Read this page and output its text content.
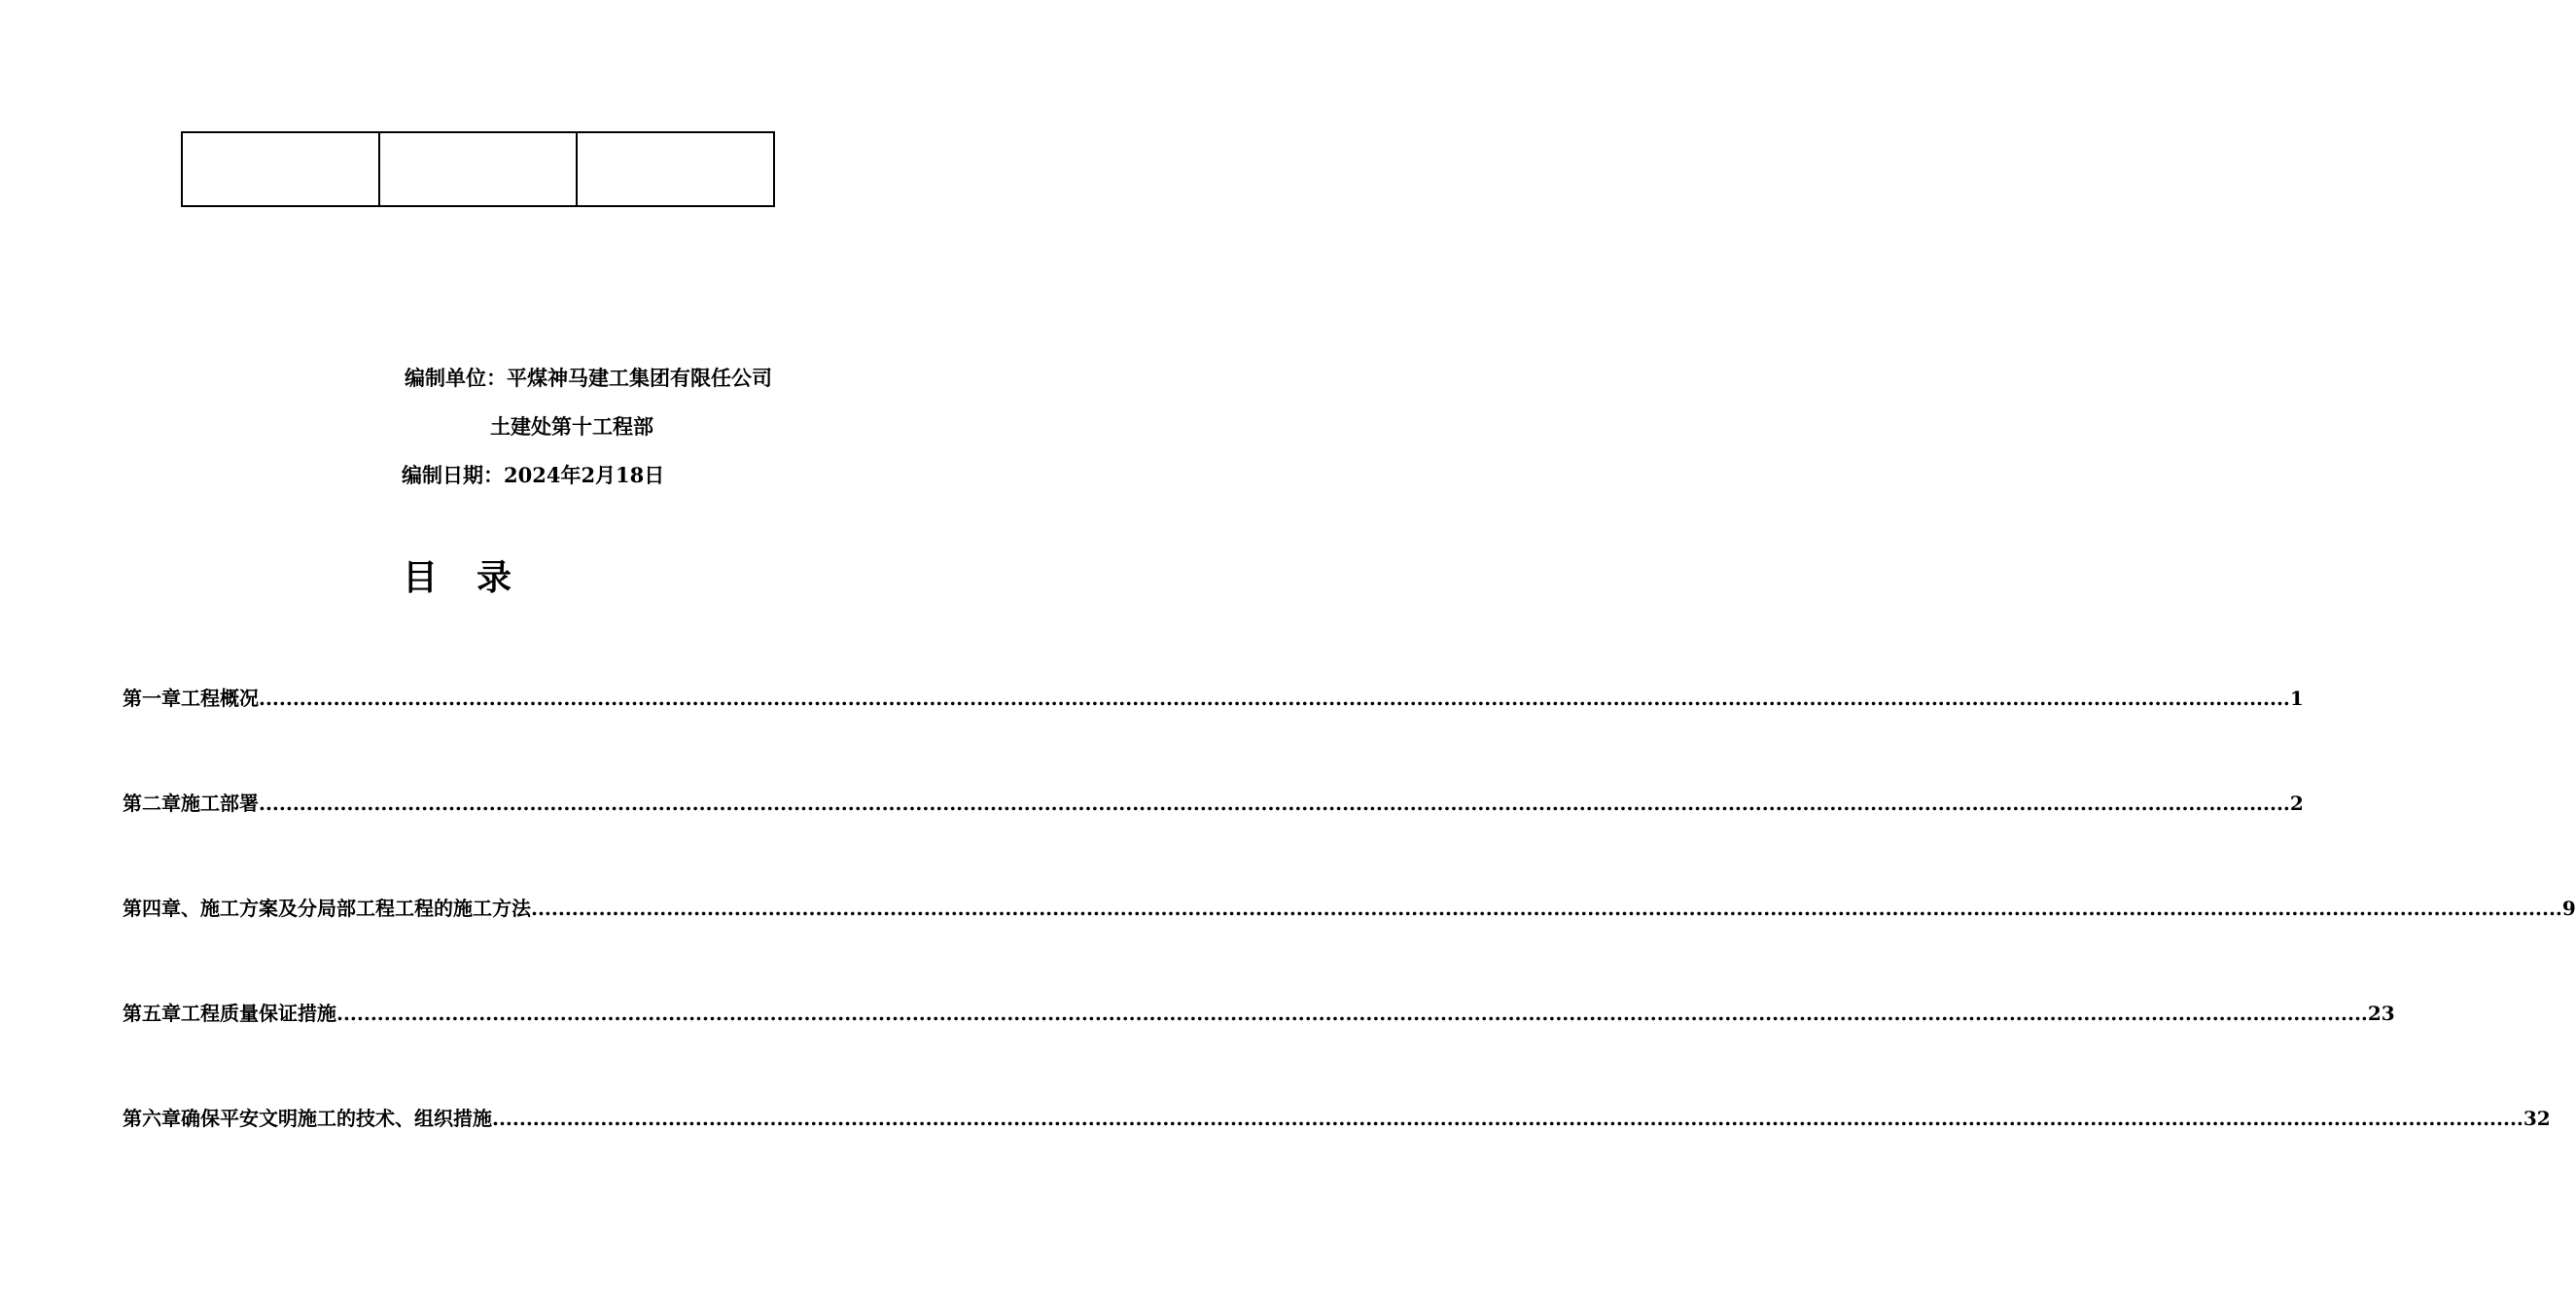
编制单位：平煤神马建工集团有限任公司
土建处第十工程部
编制日期：2024年2月18日
目录
第一章 工程概况 ............................................................................................................................................................................................................................................................................................................ 1
第二章 施工部署 ............................................................................................................................................................................................................................................................................................................ 2
第四章、 施工方案及分局部工程工程的施工方法 ............................................................................................................................................................................................................................................................................................................ 9
第五章 工程质量保证措施 ............................................................................................................................................................................................................................................................................................................ 23
第六章 确保平安文明施工的技术、组织措施 ............................................................................................................................................................................................................................................................................................................ 32
